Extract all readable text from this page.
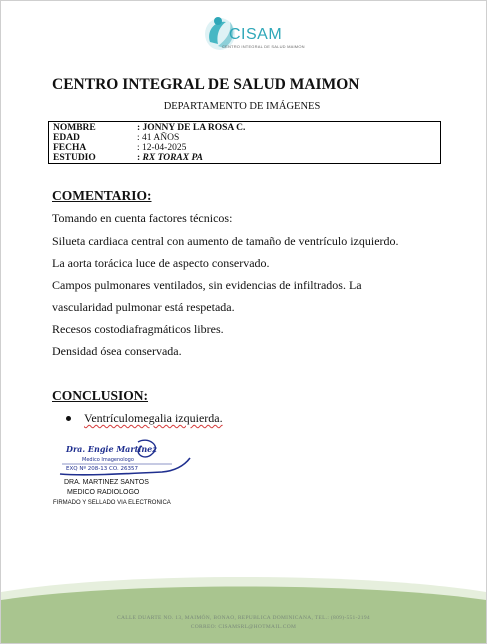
CISAM
CENTRO INTEGRAL DE SALUD MAIMON
CENTRO INTEGRAL DE SALUD MAIMON
DEPARTAMENTO DE IMÁGENES
NOMBRE	: JONNY DE LA ROSA C.
EDAD	: 41 AÑOS
FECHA	: 12-04-2025
ESTUDIO	: RX TORAX PA
COMENTARIO:
Tomando en cuenta factores técnicos:
Silueta cardiaca central con aumento de tamaño de ventrículo izquierdo.
La aorta torácica luce de aspecto conservado.
Campos pulmonares ventilados, sin evidencias de infiltrados. La
vascularidad pulmonar está respetada.
Recesos costodiafragmáticos libres.
Densidad ósea conservada.
CONCLUSION:
Ventrículomegalia izquierda.
Dra. Engie Martinez
Medico Imagenologo
EXQ Nº 208-13 CO. 26357
DRA. MARTINEZ SANTOS
MEDICO RADIOLOGO
FIRMADO Y SELLADO VIA ELECTRONICA
CALLE DUARTE NO. 13, MAIMÓN, BONAO, REPUBLICA DOMINICANA, TEL.: (809)-551-2194
CORREO: CISAMSRL@HOTMAIL.COM
